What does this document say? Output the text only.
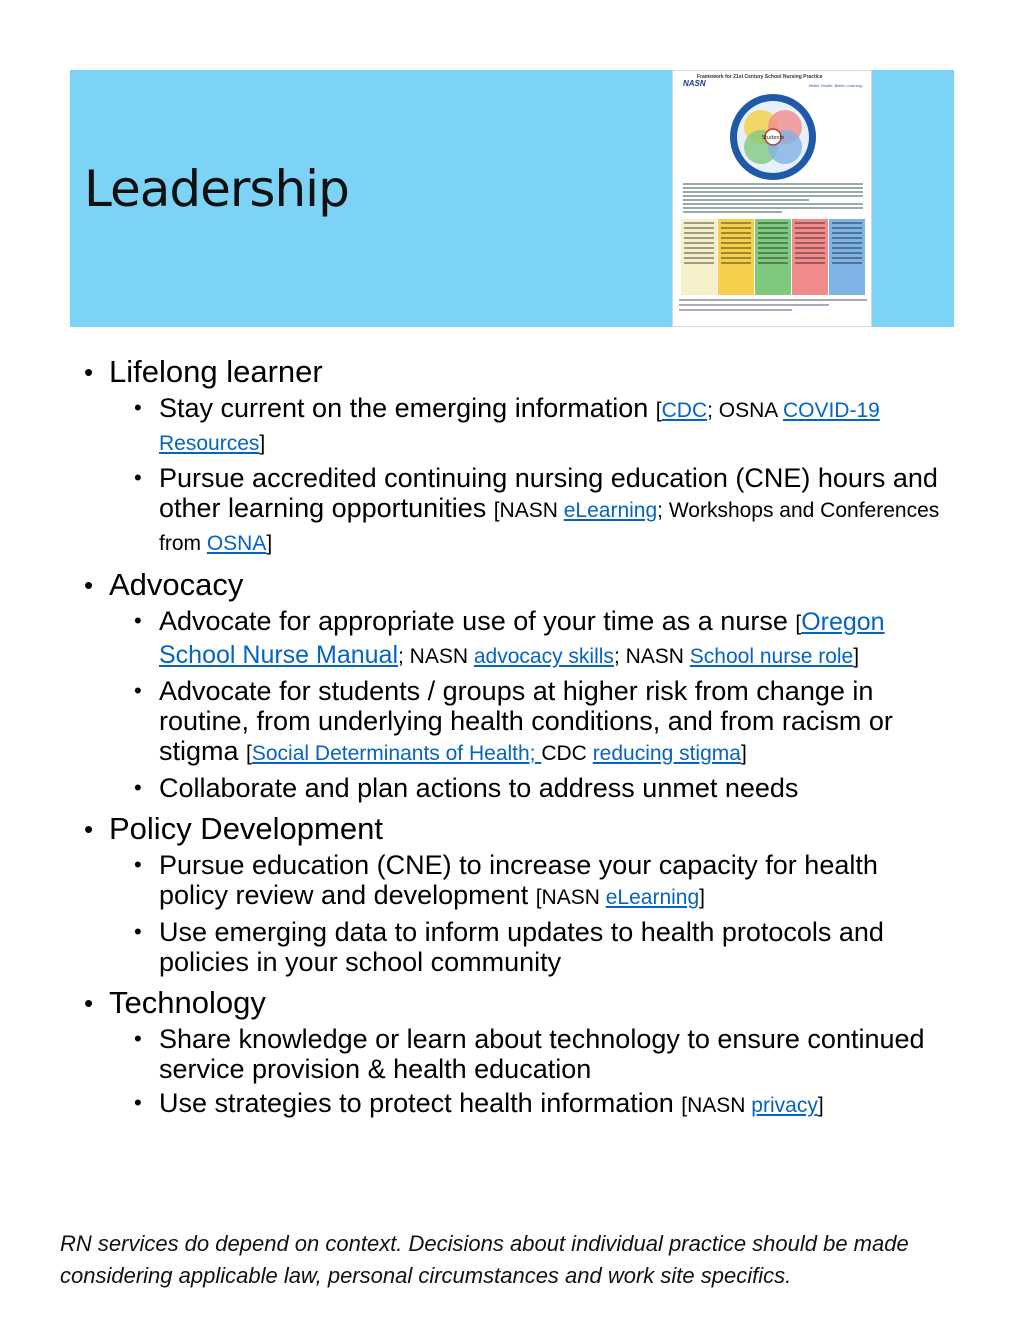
Leadership
Framework for 21st Century School Nursing Practice
NASN	Better Health. Better Learning.
Students
• Lifelong learner
• Stay current on the emerging information [CDC; OSNA COVID-19 Resources]
• Pursue accredited continuing nursing education (CNE) hours and other learning opportunities [NASN eLearning; Workshops and Conferences from OSNA]
• Advocacy
• Advocate for appropriate use of your time as a nurse [Oregon School Nurse Manual; NASN advocacy skills; NASN School nurse role]
• Advocate for students / groups at higher risk from change in routine, from underlying health conditions, and from racism or stigma [Social Determinants of Health; CDC reducing stigma]
• Collaborate and plan actions to address unmet needs
• Policy Development
• Pursue education (CNE) to increase your capacity for health policy review and development [NASN eLearning]
• Use emerging data to inform updates to health protocols and policies in your school community
• Technology
• Share knowledge or learn about technology to ensure continued service provision & health education
• Use strategies to protect health information [NASN privacy]
RN services do depend on context. Decisions about individual practice should be made considering applicable law, personal circumstances and work site specifics.
